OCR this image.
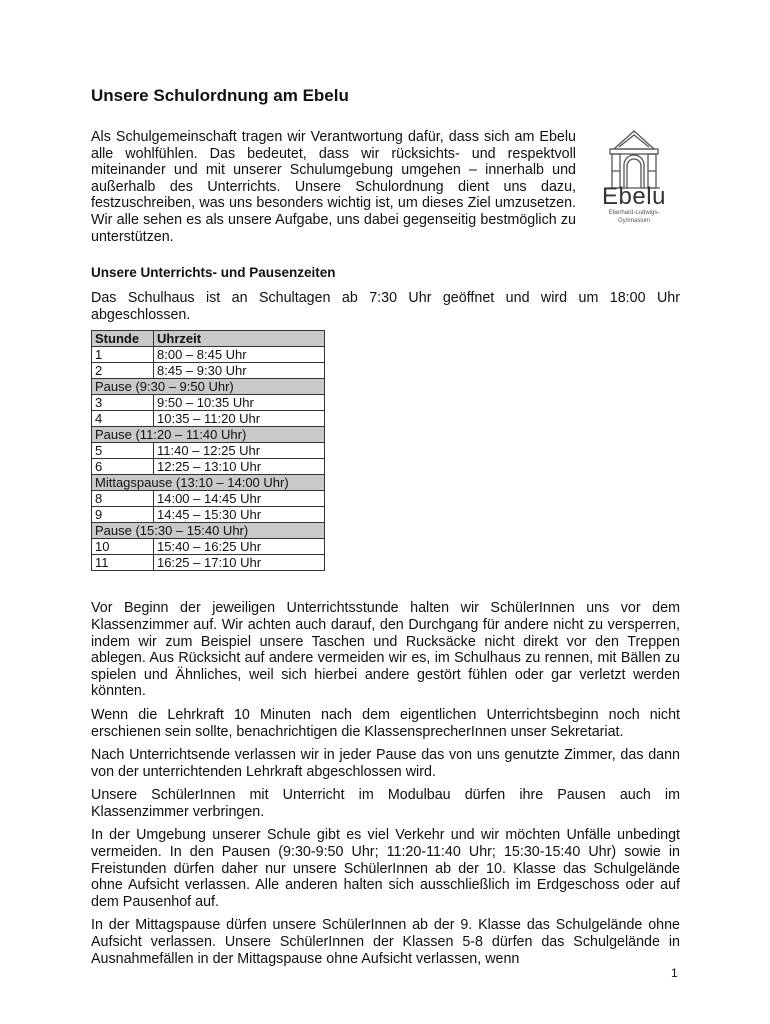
Unsere Schulordnung am Ebelu

Als Schulgemeinschaft tragen wir Verantwortung dafür, dass sich am Ebelu alle wohlfühlen. Das bedeutet, dass wir rücksichts- und respektvoll miteinander und mit unserer Schulumgebung umgehen – innerhalb und außerhalb des Unterrichts. Unsere Schulordnung dient uns dazu, festzuschreiben, was uns besonders wichtig ist, um dieses Ziel umzusetzen. Wir alle sehen es als unsere Aufgabe, uns dabei gegenseitig bestmöglich zu unterstützen.

Ebelu
Eberhard-Ludwigs-
Gymnasium
Unsere Unterrichts- und Pausenzeiten

Das Schulhaus ist an Schultagen ab 7:30 Uhr geöffnet und wird um 18:00 Uhr abgeschlossen.

Stunde	Uhrzeit
1	8:00 – 8:45 Uhr
2	8:45 – 9:30 Uhr
Pause (9:30 – 9:50 Uhr)	
3	9:50 – 10:35 Uhr
4	10:35 – 11:20 Uhr
Pause (11:20 – 11:40 Uhr)	
5	11:40 – 12:25 Uhr
6	12:25 – 13:10 Uhr
Mittagspause (13:10 – 14:00 Uhr)	
8	14:00 – 14:45 Uhr
9	14:45 – 15:30 Uhr
Pause (15:30 – 15:40 Uhr)	
10	15:40 – 16:25 Uhr
11	16:25 – 17:10 Uhr

Vor Beginn der jeweiligen Unterrichtsstunde halten wir SchülerInnen uns vor dem Klassenzimmer auf. Wir achten auch darauf, den Durchgang für andere nicht zu versperren, indem wir zum Beispiel unsere Taschen und Rucksäcke nicht direkt vor den Treppen ablegen. Aus Rücksicht auf andere vermeiden wir es, im Schulhaus zu rennen, mit Bällen zu spielen und Ähnliches, weil sich hierbei andere gestört fühlen oder gar verletzt werden könnten.

Wenn die Lehrkraft 10 Minuten nach dem eigentlichen Unterrichtsbeginn noch nicht erschienen sein sollte, benachrichtigen die KlassensprecherInnen unser Sekretariat.

Nach Unterrichtsende verlassen wir in jeder Pause das von uns genutzte Zimmer, das dann von der unterrichtenden Lehrkraft abgeschlossen wird.

Unsere SchülerInnen mit Unterricht im Modulbau dürfen ihre Pausen auch im Klassenzimmer verbringen.

In der Umgebung unserer Schule gibt es viel Verkehr und wir möchten Unfälle unbedingt vermeiden. In den Pausen (9:30-9:50 Uhr; 11:20-11:40 Uhr; 15:30-15:40 Uhr) sowie in Freistunden dürfen daher nur unsere SchülerInnen ab der 10. Klasse das Schulgelände ohne Aufsicht verlassen. Alle anderen halten sich ausschließlich im Erdgeschoss oder auf dem Pausenhof auf.

In der Mittagspause dürfen unsere SchülerInnen ab der 9. Klasse das Schulgelände ohne Aufsicht verlassen. Unsere SchülerInnen der Klassen 5-8 dürfen das Schulgelände in Ausnahmefällen in der Mittagspause ohne Aufsicht verlassen, wenn

1
